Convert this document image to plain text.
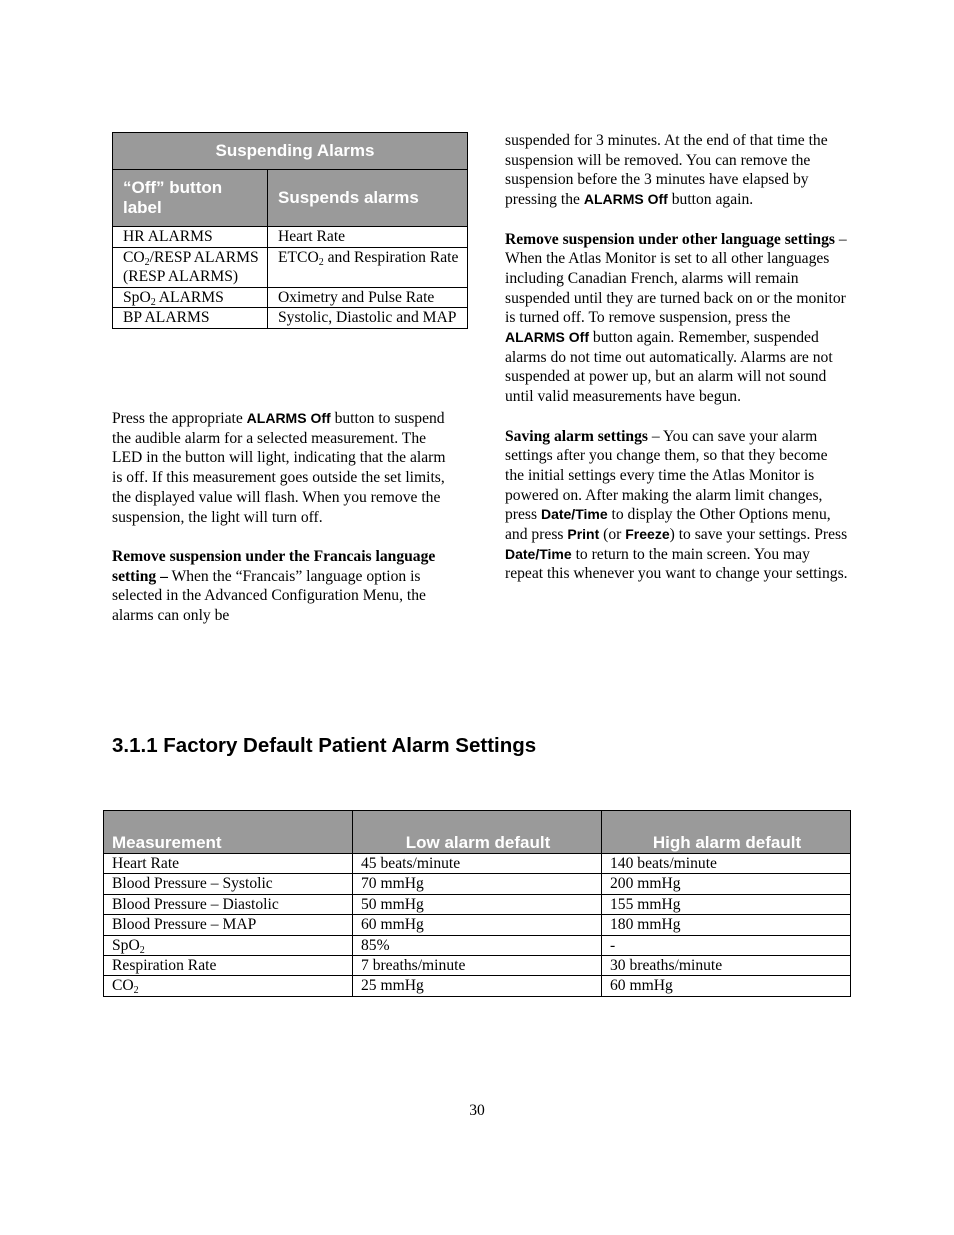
Suspending Alarms	
“Off” button label	Suspends alarms
HR ALARMS	Heart Rate
$CO_2$/RESP ALARMS (RESP ALARMS)	$ETCO_2$ and Respiration Rate
SpO$_2$ ALARMS	Oximetry and Pulse Rate
BP ALARMS	Systolic, Diastolic and MAP

Press the appropriate ALARMS Off button to suspend the audible alarm for a selected measurement. The LED in the button will light, indicating that the alarm is off. If this measurement goes outside the set limits, the displayed value will flash. When you remove the suspension, the light will turn off.

Remove suspension under the Francais language setting – When the “Francais” language option is selected in the Advanced Configuration Menu, the alarms can only be

suspended for 3 minutes. At the end of that time the suspension will be removed. You can remove the suspension before the 3 minutes have elapsed by pressing the ALARMS Off button again.

Remove suspension under other language settings – When the Atlas Monitor is set to all other languages including Canadian French, alarms will remain suspended until they are turned back on or the monitor is turned off. To remove suspension, press the ALARMS Off button again. Remember, suspended alarms do not time out automatically. Alarms are not suspended at power up, but an alarm will not sound until valid measurements have begun.

Saving alarm settings – You can save your alarm settings after you change them, so that they become the initial settings every time the Atlas Monitor is powered on. After making the alarm limit changes, press Date/Time to display the Other Options menu, and press Print (or Freeze) to save your settings. Press Date/Time to return to the main screen. You may repeat this whenever you want to change your settings.

3.1.1 Factory Default Patient Alarm Settings
Measurement	Low alarm default	High alarm default
Heart Rate	45 beats/minute	140 beats/minute
Blood Pressure – Systolic	70 mmHg	200 mmHg
Blood Pressure – Diastolic	50 mmHg	155 mmHg
Blood Pressure – MAP	60 mmHg	180 mmHg
SpO$_2$	85%	-
Respiration Rate	7 breaths/minute	30 breaths/minute
$CO_2$	25 mmHg	60 mmHg
30
